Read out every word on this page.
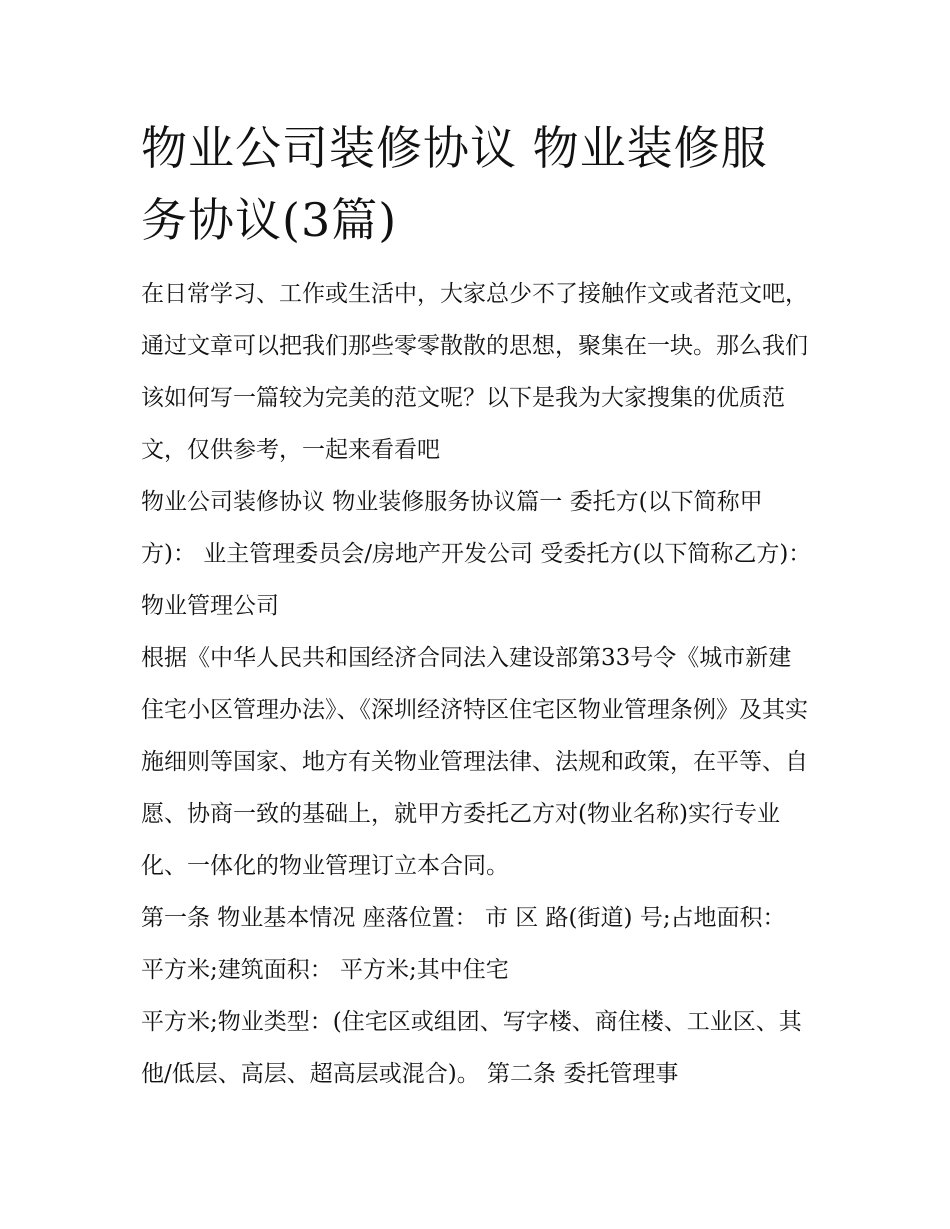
物业公司装修协议 物业装修服务协议(3篇)

在日常学习、工作或生活中，大家总少不了接触作文或者范文吧，通过文章可以把我们那些零零散散的思想，聚集在一块。那么我们该如何写一篇较为完美的范文呢？以下是我为大家搜集的优质范文，仅供参考，一起来看看吧

物业公司装修协议 物业装修服务协议篇一 委托方(以下简称甲方)： 业主管理委员会/房地产开发公司 受委托方(以下简称乙方)： 物业管理公司

根据《中华人民共和国经济合同法入建设部第33号令《城市新建住宅小区管理办法》、《深圳经济特区住宅区物业管理条例》及其实施细则等国家、地方有关物业管理法律、法规和政策，在平等、自愿、协商一致的基础上，就甲方委托乙方对(物业名称)实行专业化、一体化的物业管理订立本合同。

第一条 物业基本情况 座落位置： 市 区 路(街道) 号;占地面积： 平方米;建筑面积： 平方米;其中住宅

平方米;物业类型：(住宅区或组团、写字楼、商住楼、工业区、其他/低层、高层、超高层或混合)。 第二条 委托管理事
